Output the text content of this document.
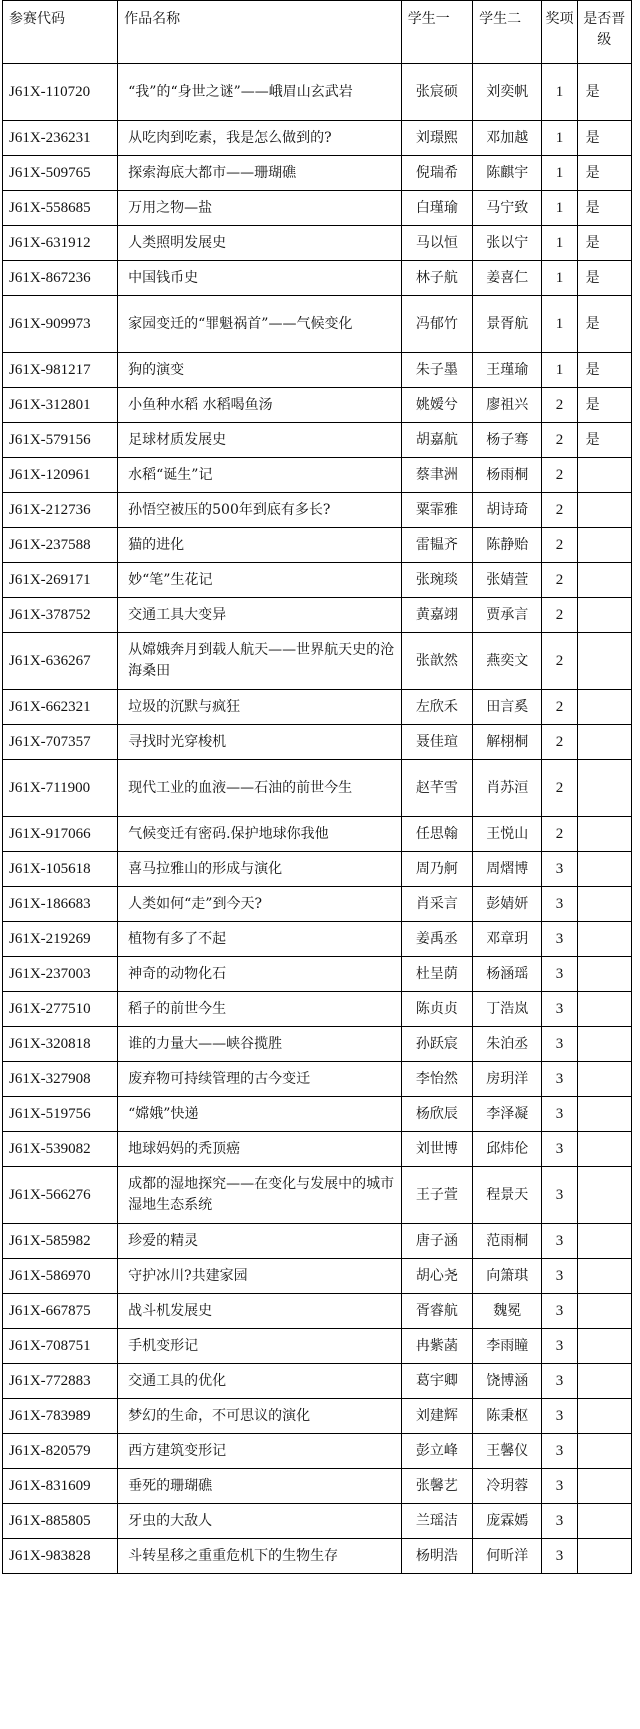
参赛代码	作品名称	学生一	学生二	奖项	是否晋级
J61X-110720	“我”的“身世之谜”——峨眉山玄武岩	张宸硕	刘奕帆	1	是
J61X-236231	从吃肉到吃素，我是怎么做到的?	刘璟熙	邓加越	1	是
J61X-509765	探索海底大都市——珊瑚礁	倪瑞希	陈麒宇	1	是
J61X-558685	万用之物—盐	白瑾瑜	马宁致	1	是
J61X-631912	人类照明发展史	马以恒	张以宁	1	是
J61X-867236	中国钱币史	林子航	姜喜仁	1	是
J61X-909973	家园变迁的“罪魁祸首”——气候变化	冯郁竹	景胥航	1	是
J61X-981217	狗的演变	朱子墨	王瑾瑜	1	是
J61X-312801	小鱼种水稻 水稻喝鱼汤	姚嫒兮	廖祖兴	2	是
J61X-579156	足球材质发展史	胡嘉航	杨子骞	2	是
J61X-120961	水稻“诞生”记	蔡聿洲	杨雨桐	2	
J61X-212736	孙悟空被压的500年到底有多长?	粟霏雅	胡诗琦	2	
J61X-237588	猫的进化	雷韫齐	陈静贻	2	
J61X-269171	妙“笔”生花记	张琬琰	张婧萱	2	
J61X-378752	交通工具大变异	黄嘉翊	贾承言	2	
J61X-636267	从嫦娥奔月到载人航天——世界航天史的沧海桑田	张歆然	燕奕文	2	
J61X-662321	垃圾的沉默与疯狂	左欣禾	田言奚	2	
J61X-707357	寻找时光穿梭机	聂佳瑄	解栩桐	2	
J61X-711900	现代工业的血液——石油的前世今生	赵芊雪	肖苏洹	2	
J61X-917066	气候变迁有密码.保护地球你我他	任思翰	王悦山	2	
J61X-105618	喜马拉雅山的形成与演化	周乃舸	周熠博	3	
J61X-186683	人类如何“走”到今天?	肖采言	彭婧妍	3	
J61X-219269	植物有多了不起	姜禹丞	邓章玥	3	
J61X-237003	神奇的动物化石	杜呈荫	杨涵瑶	3	
J61X-277510	稻子的前世今生	陈贞贞	丁浩岚	3	
J61X-320818	谁的力量大——峡谷揽胜	孙跃宸	朱泊丞	3	
J61X-327908	废弃物可持续管理的古今变迁	李怡然	房玥洋	3	
J61X-519756	“嫦娥”快递	杨欣辰	李泽凝	3	
J61X-539082	地球妈妈的秃顶癌	刘世博	邱炜伦	3	
J61X-566276	成都的湿地探究——在变化与发展中的城市湿地生态系统	王子萱	程景天	3	
J61X-585982	珍爱的精灵	唐子涵	范雨桐	3	
J61X-586970	守护冰川?共建家园	胡心尧	向箫琪	3	
J61X-667875	战斗机发展史	胥睿航	魏冕	3	
J61X-708751	手机变形记	冉紫菡	李雨瞳	3	
J61X-772883	交通工具的优化	葛宇卿	饶博涵	3	
J61X-783989	梦幻的生命，不可思议的演化	刘建辉	陈秉枢	3	
J61X-820579	西方建筑变形记	彭立峰	王馨仪	3	
J61X-831609	垂死的珊瑚礁	张馨艺	冷玥蓉	3	
J61X-885805	牙虫的大敌人	兰瑶洁	庞霖嫣	3	
J61X-983828	斗转星移之重重危机下的生物生存	杨明浩	何昕洋	3	
